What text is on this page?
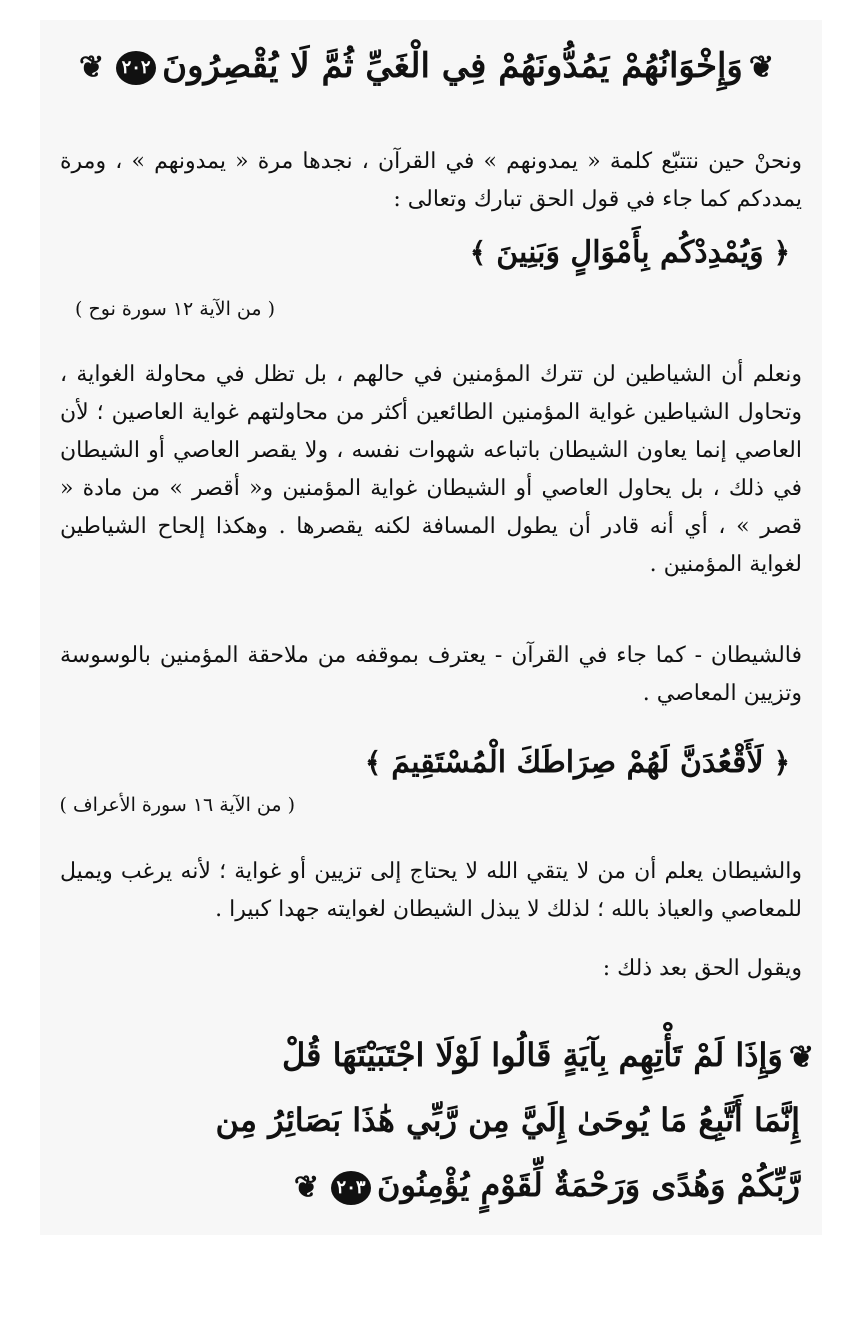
❦وَإِخْوَانُهُمْ يَمُدُّونَهُمْ فِي الْغَيِّ ثُمَّ لَا يُقْصِرُونَ٢٠٢❦
ونحنْ حين نتتبّع كلمة « يمدونهم » في القرآن ، نجدها مرة « يمدونهم » ، ومرة يمددكم كما جاء في قول الحق تبارك وتعالى :
﴿وَيُمْدِدْكُم بِأَمْوَالٍ وَبَنِينَ﴾
( من الآية ١٢ سورة نوح )
ونعلم أن الشياطين لن تترك المؤمنين في حالهم ، بل تظل في محاولة الغواية ، وتحاول الشياطين غواية المؤمنين الطائعين أكثر من محاولتهم غواية العاصين ؛ لأن العاصي إنما يعاون الشيطان باتباعه شهوات نفسه ، ولا يقصر العاصي أو الشيطان في ذلك ، بل يحاول العاصي أو الشيطان غواية المؤمنين و« أقصر » من مادة « قصر » ، أي أنه قادر أن يطول المسافة لكنه يقصرها . وهكذا إلحاح الشياطين لغواية المؤمنين .
فالشيطان - كما جاء في القرآن - يعترف بموقفه من ملاحقة المؤمنين بالوسوسة وتزيين المعاصي .
﴿لَأَقْعُدَنَّ لَهُمْ صِرَاطَكَ الْمُسْتَقِيمَ﴾
( من الآية ١٦ سورة الأعراف )
والشيطان يعلم أن من لا يتقي الله لا يحتاج إلى تزيين أو غواية ؛ لأنه يرغب ويميل للمعاصي والعياذ بالله ؛ لذلك لا يبذل الشيطان لغوايته جهدا كبيرا .
ويقول الحق بعد ذلك :
❦وَإِذَا لَمْ تَأْتِهِم بِآيَةٍ قَالُوا لَوْلَا اجْتَبَيْتَهَا قُلْ
إِنَّمَا أَتَّبِعُ مَا يُوحَىٰ إِلَيَّ مِن رَّبِّي هَٰذَا بَصَائِرُ مِن
رَّبِّكُمْ وَهُدًى وَرَحْمَةٌ لِّقَوْمٍ يُؤْمِنُونَ٢٠٣❦
